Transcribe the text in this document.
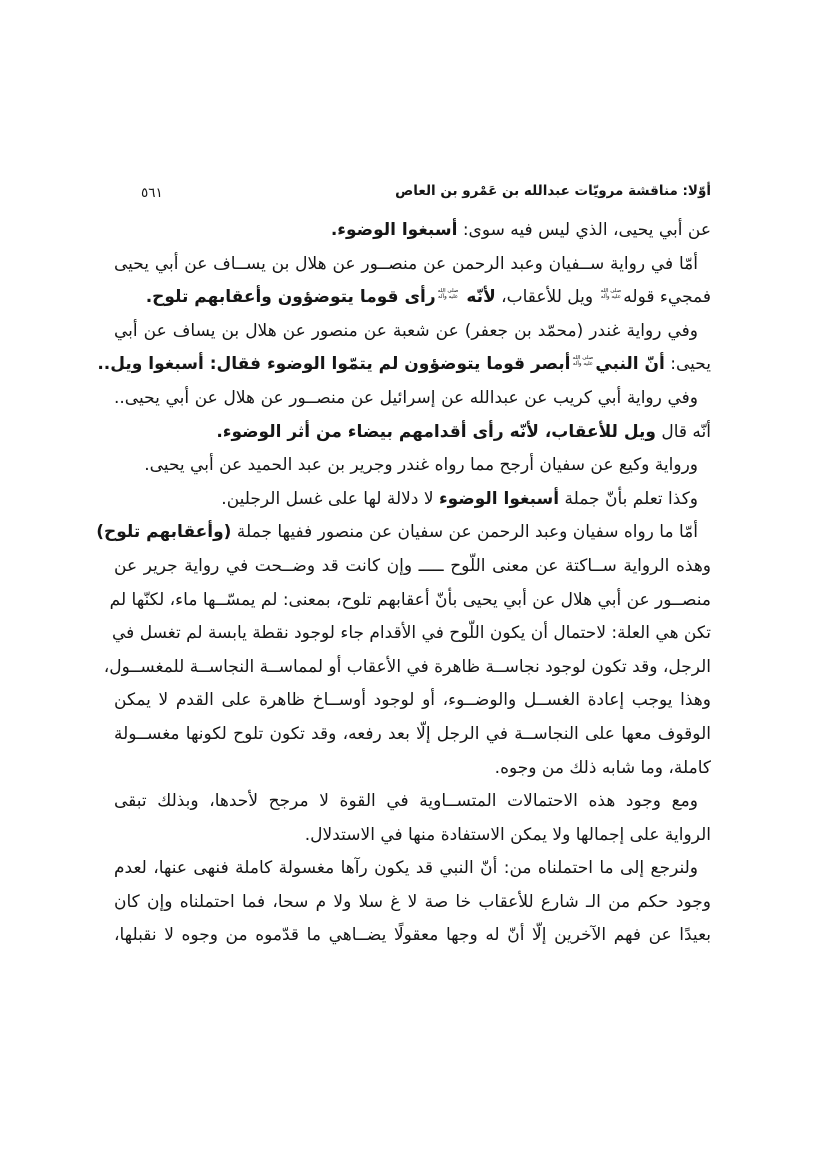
أوّلا: مناقشة مرويّات عبدالله بن عَمْرو بن العاص
٥٦١
عن أبي يحيى، الذي ليس فيه سوى: أسبغوا الوضوء.
أمّا في رواية ســفيان وعبد الرحمن عن منصــور عن هلال بن يســاف عن أبي يحيى
فمجيء قوله
صلى الله
عليه وآله
ويل للأعقاب، لأنّه
صلى الله
عليه وآله
رأى قوما يتوضؤون وأعقابهم تلوح.
وفي رواية غندر (محمّد بن جعفر) عن شعبة عن منصور عن هلال بن يساف عن أبي
يحيى: أنّ النبي
صلى الله
عليه وآله
أبصر قوما يتوضؤون لم يتمّوا الوضوء فقال: أسبغوا ويل..
وفي رواية أبي كريب عن عبدالله عن إسرائيل عن منصــور عن هلال عن أبي يحيى..
أنّه قال ويل للأعقاب، لأنّه رأى أقدامهم بيضاء من أثر الوضوء.
ورواية وكيع عن سفيان أرجح مما رواه غندر وجرير بن عبد الحميد عن أبي يحيى.
وكذا تعلم بأنّ جملة أسبغوا الوضوء لا دلالة لها على غسل الرجلين.
أمّا ما رواه سفيان وعبد الرحمن عن سفيان عن منصور ففيها جملة (وأعقابهم تلوح)
وهذه الرواية ســاكتة عن معنى اللّوح ـــــ وإن كانت قد وضــحت في رواية جرير عن
منصــور عن أبي هلال عن أبي يحيى بأنّ أعقابهم تلوح، بمعنى: لم يمسّــها ماء، لكنّها لم
تكن هي العلة: لاحتمال أن يكون اللّوح في الأقدام جاء لوجود نقطة يابسة لم تغسل في
الرجل، وقد تكون لوجود نجاســة ظاهرة في الأعقاب أو لمماســة النجاســة للمغســول،
وهذا يوجب إعادة الغســل والوضــوء، أو لوجود أوســاخ ظاهرة على القدم لا يمكن
الوقوف معها على النجاســة في الرجل إلّا بعد رفعه، وقد تكون تلوح لكونها مغســولة
كاملة، وما شابه ذلك من وجوه.
ومع وجود هذه الاحتمالات المتســاوية في القوة لا مرجح لأحدها، وبذلك تبقى
الرواية على إجمالها ولا يمكن الاستفادة منها في الاستدلال.
ولنرجع إلى ما احتملناه من: أنّ النبي قد يكون رآها مغسولة كاملة فنهى عنها، لعدم
وجود حكم من الـ شارع للأعقاب خا صة لا غ سلا ولا م سحا، فما احتملناه وإن كان
بعيدًا عن فهم الآخرين إلّا أنّ له وجها معقولًا يضــاهي ما قدّموه من وجوه لا نقبلها،
